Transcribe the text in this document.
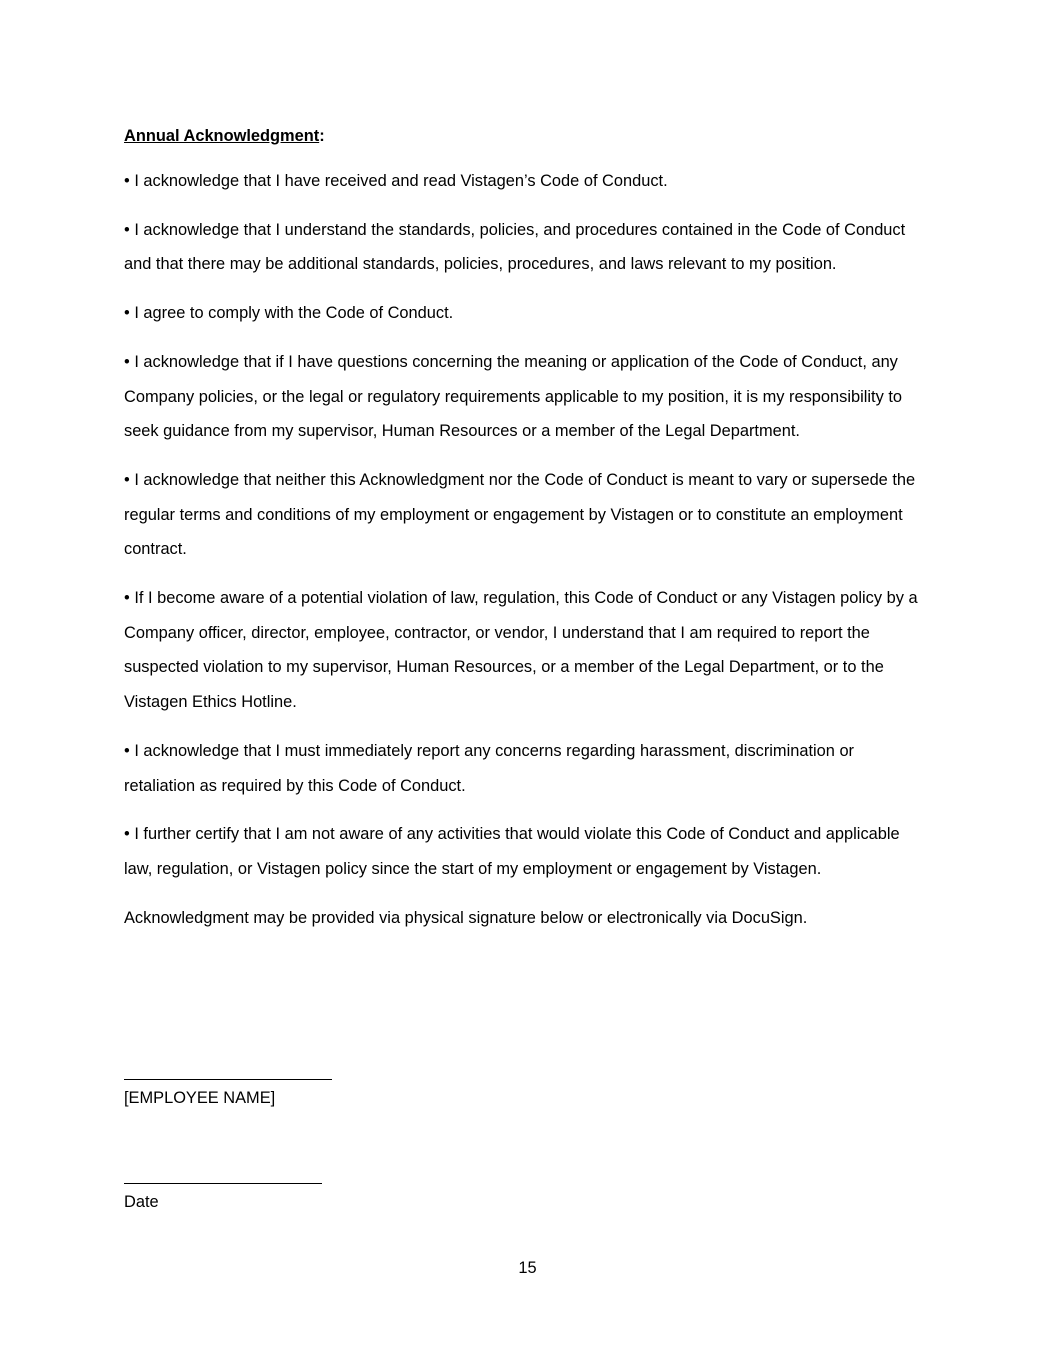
Annual Acknowledgment:

• I acknowledge that I have received and read Vistagen’s Code of Conduct.

• I acknowledge that I understand the standards, policies, and procedures contained in the Code of Conduct and that there may be additional standards, policies, procedures, and laws relevant to my position.

• I agree to comply with the Code of Conduct.

• I acknowledge that if I have questions concerning the meaning or application of the Code of Conduct, any Company policies, or the legal or regulatory requirements applicable to my position, it is my responsibility to seek guidance from my supervisor, Human Resources or a member of the Legal Department.

• I acknowledge that neither this Acknowledgment nor the Code of Conduct is meant to vary or supersede the regular terms and conditions of my employment or engagement by Vistagen or to constitute an employment contract.

• If I become aware of a potential violation of law, regulation, this Code of Conduct or any Vistagen policy by a Company officer, director, employee, contractor, or vendor, I understand that I am required to report the suspected violation to my supervisor, Human Resources, or a member of the Legal Department, or to the Vistagen Ethics Hotline.

• I acknowledge that I must immediately report any concerns regarding harassment, discrimination or retaliation as required by this Code of Conduct.

• I further certify that I am not aware of any activities that would violate this Code of Conduct and applicable law, regulation, or Vistagen policy since the start of my employment or engagement by Vistagen.

Acknowledgment may be provided via physical signature below or electronically via DocuSign.

[EMPLOYEE NAME]
Date
15
